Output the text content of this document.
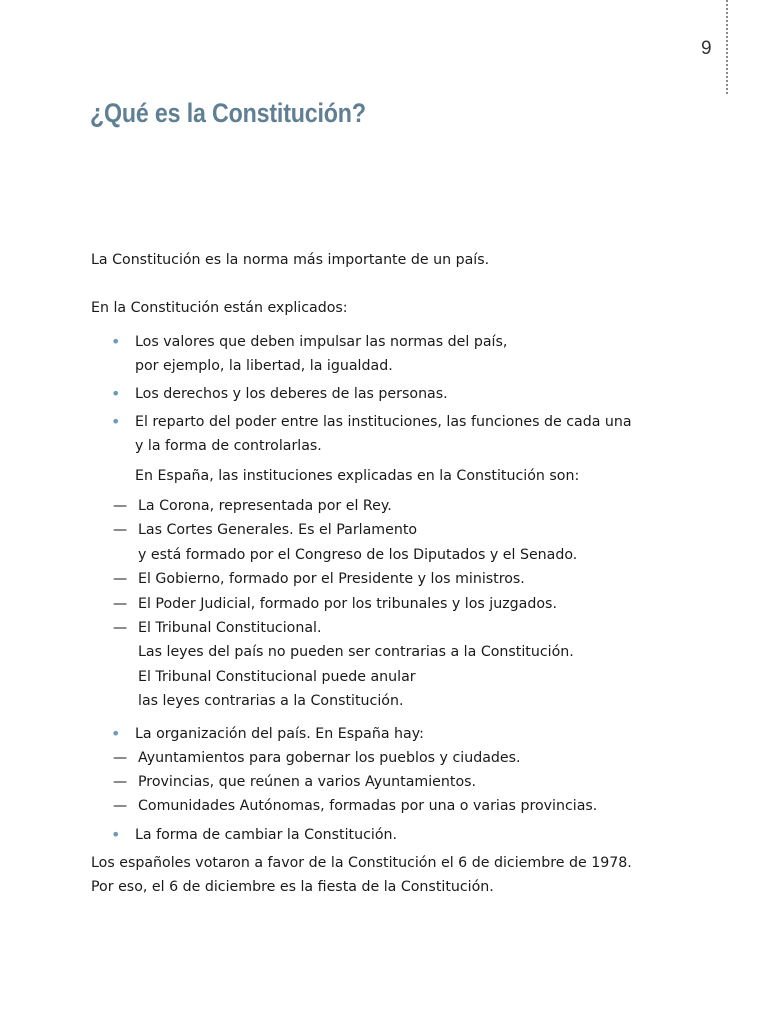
9
¿Qué es la Constitución?

La Constitución es la norma más importante de un país.

En la Constitución están explicados:

• Los valores que deben impulsar las normas del país,
por ejemplo, la libertad, la igualdad.
• Los derechos y los deberes de las personas.
• El reparto del poder entre las instituciones, las funciones de cada una
y la forma de controlarlas.
En España, las instituciones explicadas en la Constitución son:
— La Corona, representada por el Rey.
— Las Cortes Generales. Es el Parlamento
y está formado por el Congreso de los Diputados y el Senado.
— El Gobierno, formado por el Presidente y los ministros.
— El Poder Judicial, formado por los tribunales y los juzgados.
— El Tribunal Constitucional.
Las leyes del país no pueden ser contrarias a la Constitución.
El Tribunal Constitucional puede anular
las leyes contrarias a la Constitución.
• La organización del país. En España hay:
— Ayuntamientos para gobernar los pueblos y ciudades.
— Provincias, que reúnen a varios Ayuntamientos.
— Comunidades Autónomas, formadas por una o varias provincias.
• La forma de cambiar la Constitución.

Los españoles votaron a favor de la Constitución el 6 de diciembre de 1978.

Por eso, el 6 de diciembre es la fiesta de la Constitución.
